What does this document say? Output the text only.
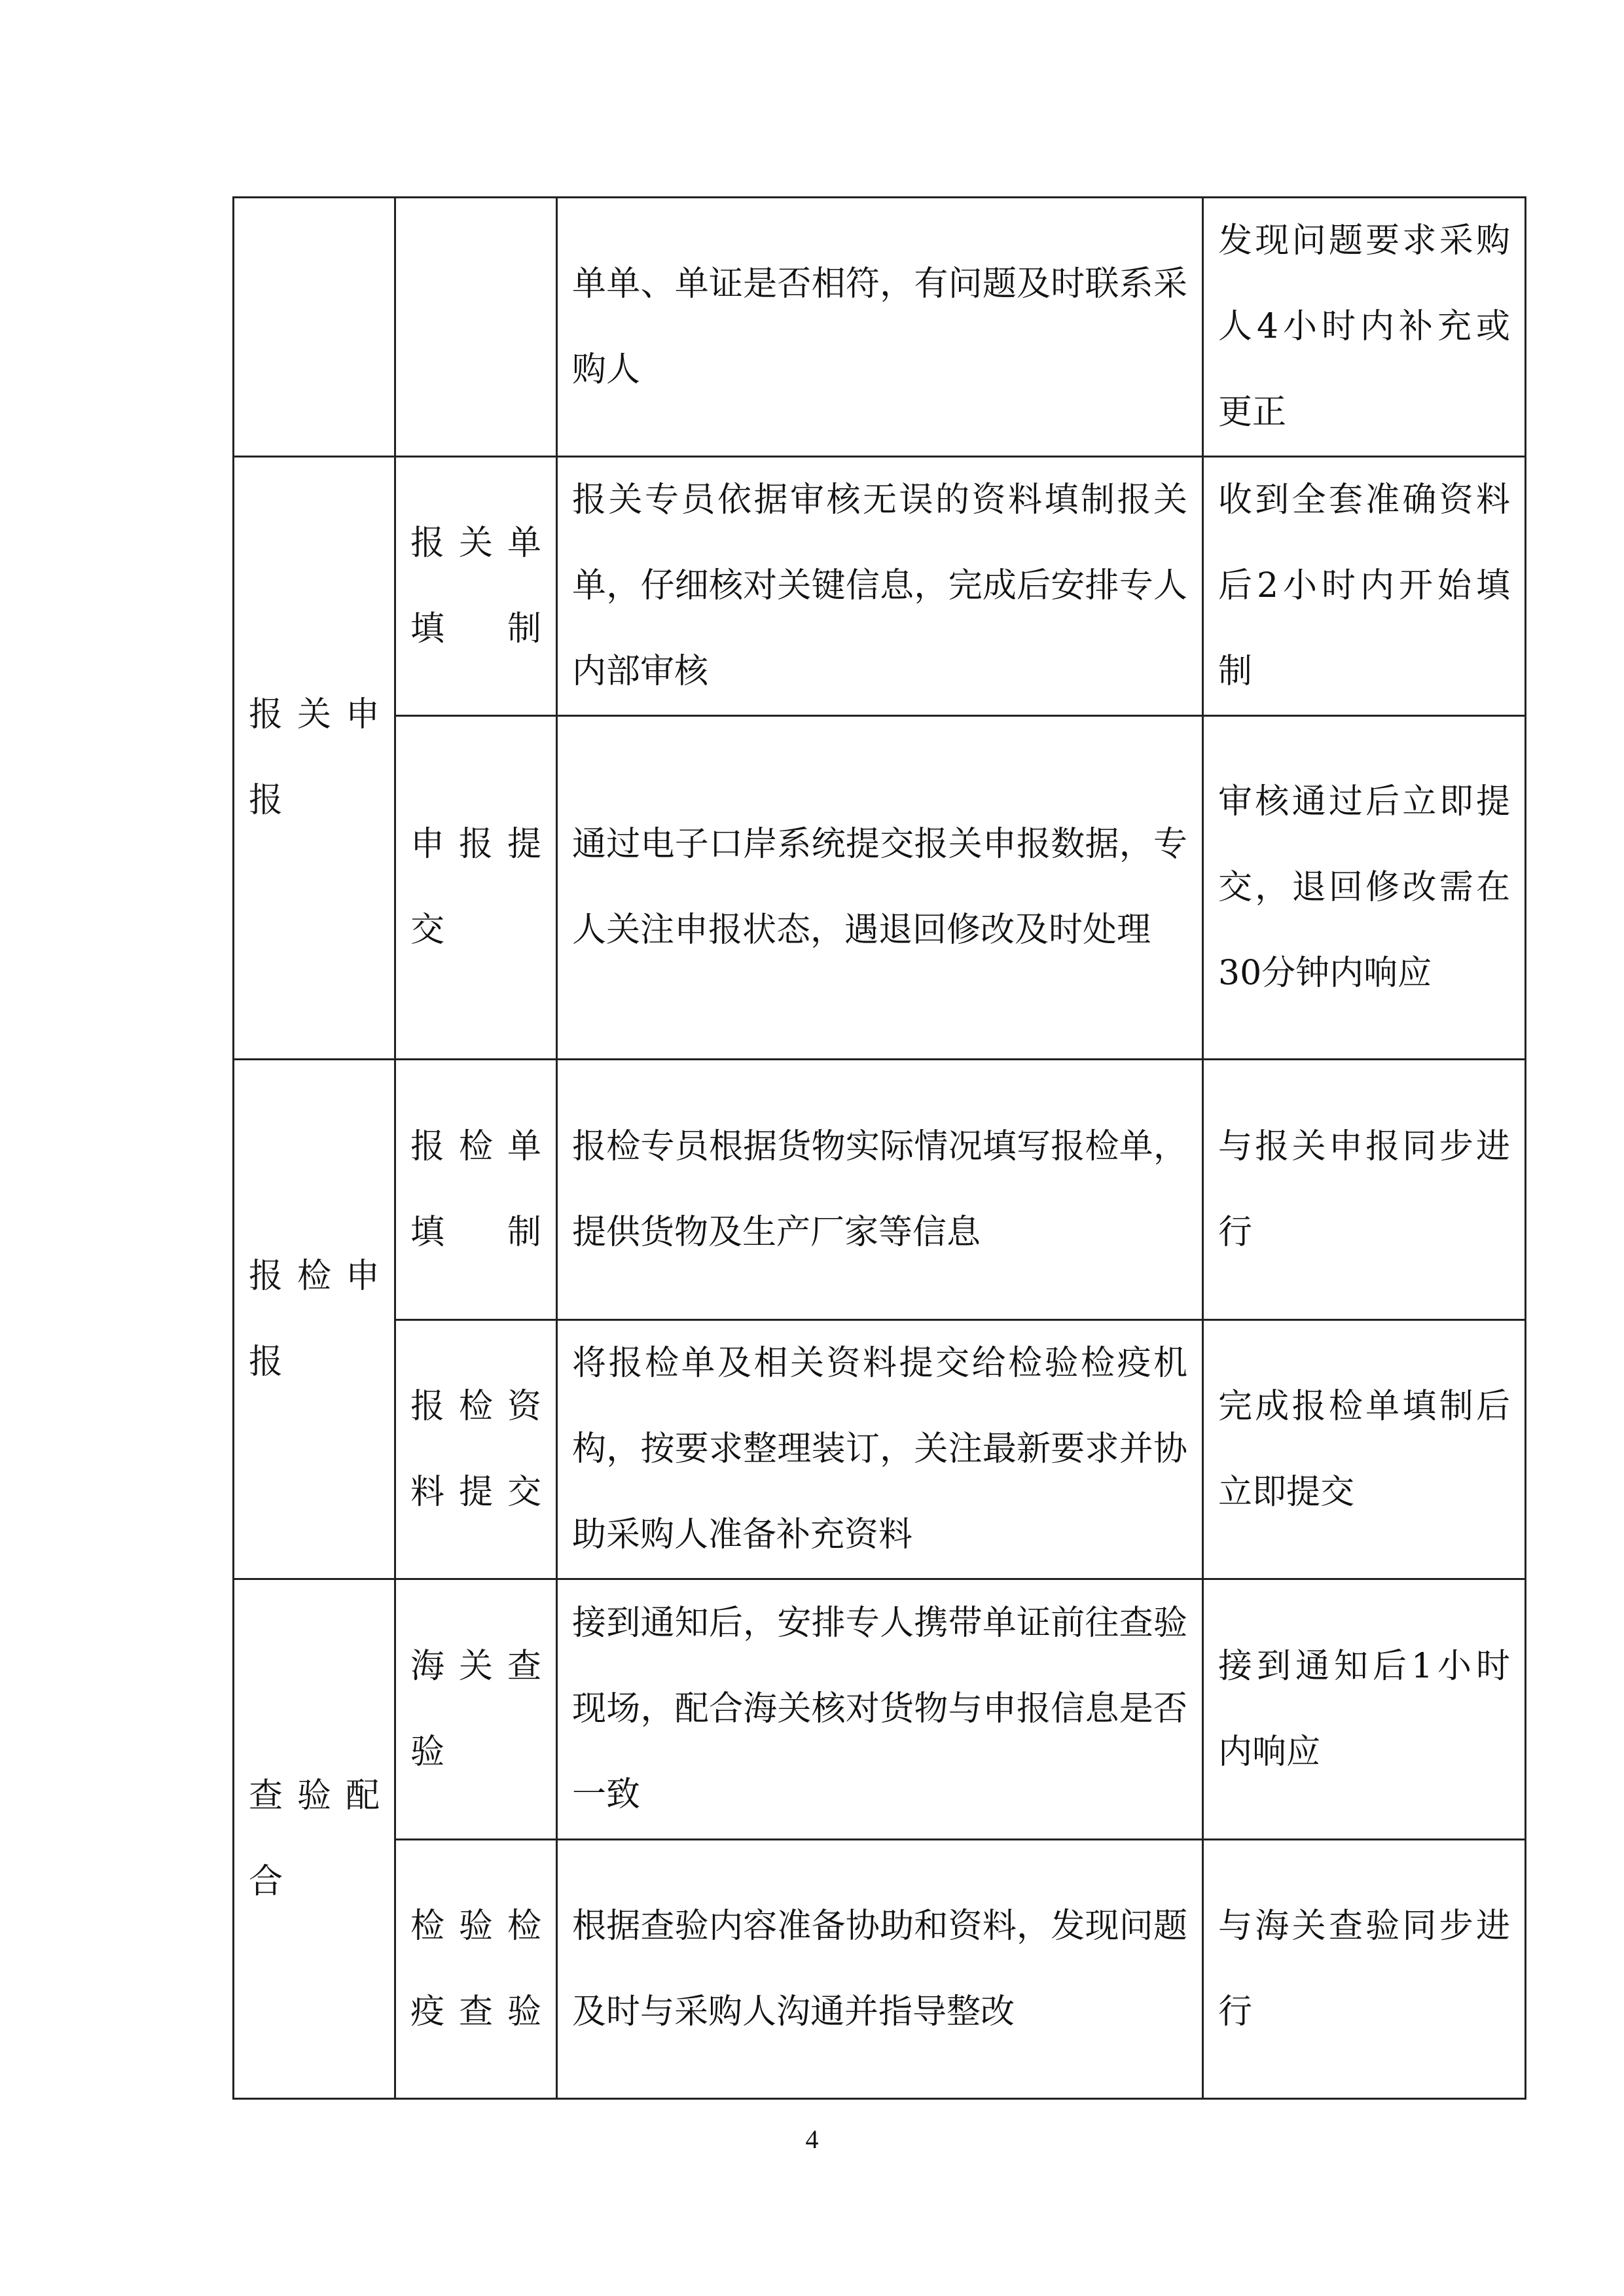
		单单、单证是否相符，有问题及时联系采购人	发现问题要求采购人4小时内补充或更正

报关申报	报关单填制	报关专员依据审核无误的资料填制报关单，仔细核对关键信息，完成后安排专人内部审核	收到全套准确资料后2小时内开始填制

	申报提交	通过电子口岸系统提交报关申报数据，专人关注申报状态，遇退回修改及时处理	审核通过后立即提交，退回修改需在30分钟内响应

报检申报	报检单填制	报检专员根据货物实际情况填写报检单，提供货物及生产厂家等信息	与报关申报同步进行

	报检资料提交	将报检单及相关资料提交给检验检疫机构，按要求整理装订，关注最新要求并协助采购人准备补充资料	完成报检单填制后立即提交

查验配合	海关查验	接到通知后，安排专人携带单证前往查验现场，配合海关核对货物与申报信息是否一致	接到通知后1小时内响应

	检验检疫查验	根据查验内容准备协助和资料，发现问题及时与采购人沟通并指导整改	与海关查验同步进行
4
